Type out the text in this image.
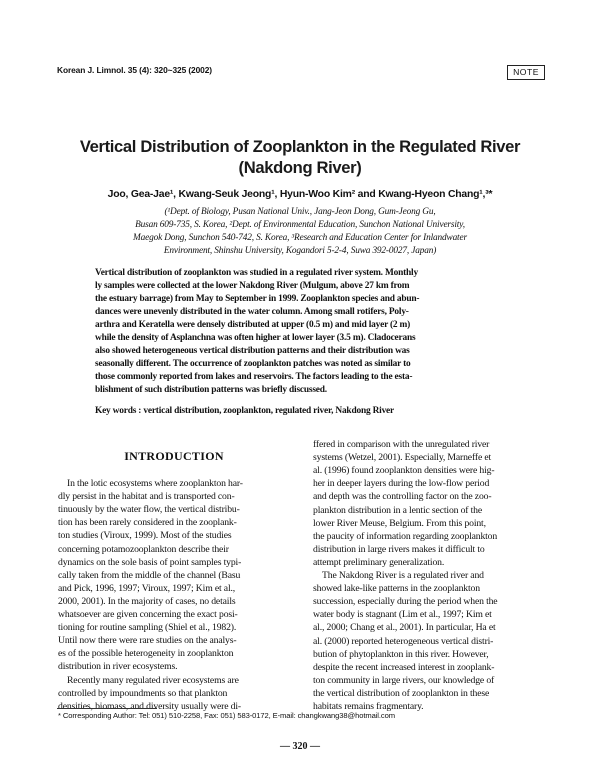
Korean J. Limnol. 35 (4): 320~325 (2002)	NOTE
Vertical Distribution of Zooplankton in the Regulated River
(Nakdong River)
Joo, Gea-Jae¹, Kwang-Seuk Jeong¹, Hyun-Woo Kim² and Kwang-Hyeon Chang¹,³*
(¹Dept. of Biology, Pusan National Univ., Jang-Jeon Dong, Gum-Jeong Gu,
Busan 609-735, S. Korea, ²Dept. of Environmental Education, Sunchon National University,
Maegok Dong, Sunchon 540-742, S. Korea, ³Research and Education Center for Inlandwater
Environment, Shinshu University, Kogandori 5-2-4, Suwa 392-0027, Japan)
Vertical distribution of zooplankton was studied in a regulated river system. Monthly
ly samples were collected at the lower Nakdong River (Mulgum, above 27 km from
the estuary barrage) from May to September in 1999. Zooplankton species and abun-
dances were unevenly distributed in the water column. Among small rotifers, Poly-
arthra and Keratella were densely distributed at upper (0.5 m) and mid layer (2 m)
while the density of Asplanchna was often higher at lower layer (3.5 m). Cladocerans
also showed heterogeneous vertical distribution patterns and their distribution was
seasonally different. The occurrence of zooplankton patches was noted as similar to
those commonly reported from lakes and reservoirs. The factors leading to the esta-
blishment of such distribution patterns was briefly discussed.
Key words : vertical distribution, zooplankton, regulated river, Nakdong River
INTRODUCTION
In the lotic ecosystems where zooplankton har-
dly persist in the habitat and is transported con-
tinuously by the water flow, the vertical distribu-
tion has been rarely considered in the zooplank-
ton studies (Viroux, 1999). Most of the studies
concerning potamozooplankton describe their
dynamics on the sole basis of point samples typi-
cally taken from the middle of the channel (Basu
and Pick, 1996, 1997; Viroux, 1997; Kim et al.,
2000, 2001). In the majority of cases, no details
whatsoever are given concerning the exact posi-
tioning for routine sampling (Shiel et al., 1982).
Until now there were rare studies on the analys-
es of the possible heterogeneity in zooplankton
distribution in river ecosystems.
Recently many regulated river ecosystems are
controlled by impoundments so that plankton
densities, biomass, and diversity usually were di-
ffered in comparison with the unregulated river
systems (Wetzel, 2001). Especially, Marneffe et
al. (1996) found zooplankton densities were hig-
her in deeper layers during the low-flow period
and depth was the controlling factor on the zoo-
plankton distribution in a lentic section of the
lower River Meuse, Belgium. From this point,
the paucity of information regarding zooplankton
distribution in large rivers makes it difficult to
attempt preliminary generalization.
The Nakdong River is a regulated river and
showed lake-like patterns in the zooplankton
succession, especially during the period when the
water body is stagnant (Lim et al., 1997; Kim et
al., 2000; Chang et al., 2001). In particular, Ha et
al. (2000) reported heterogeneous vertical distri-
bution of phytoplankton in this river. However,
despite the recent increased interest in zooplank-
ton community in large rivers, our knowledge of
the vertical distribution of zooplankton in these
habitats remains fragmentary.
* Corresponding Author: Tel: 051) 510-2258, Fax: 051) 583-0172, E-mail: changkwang38@hotmail.com
— 320 —
